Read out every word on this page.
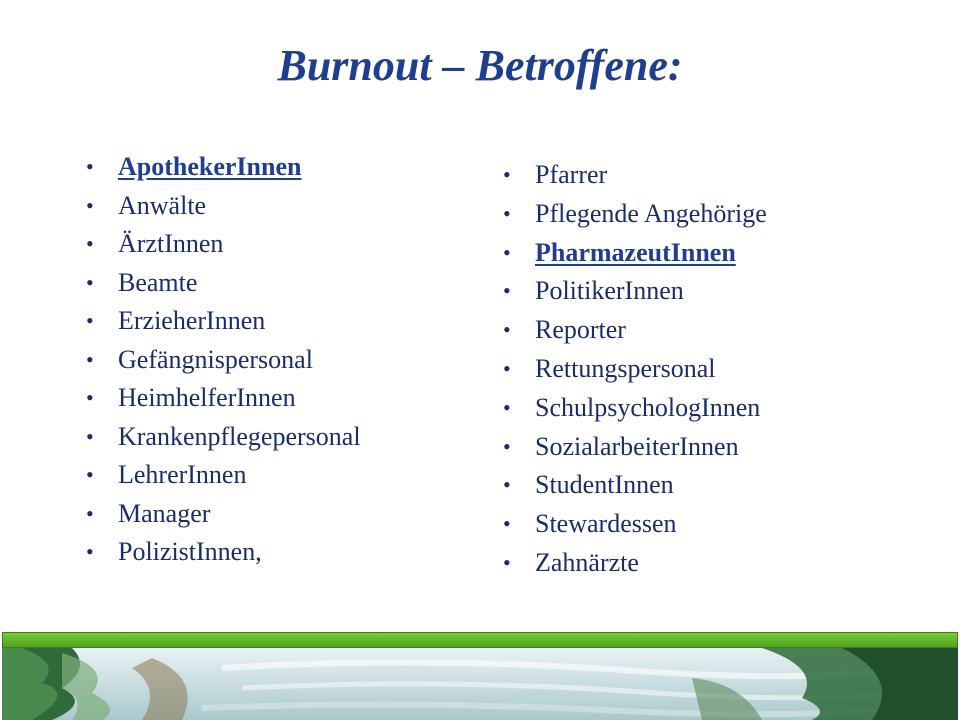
Burnout – Betroffene:
• ApothekerInnen
• Anwälte
• ÄrztInnen
• Beamte
• ErzieherInnen
• Gefängnispersonal
• HeimhelferInnen
• Krankenpflegepersonal
• LehrerInnen
• Manager
• PolizistInnen,
• Pfarrer
• Pflegende Angehörige
• PharmazeutInnen
• PolitikerInnen
• Reporter
• Rettungspersonal
• SchulpsychologInnen
• SozialarbeiterInnen
• StudentInnen
• Stewardessen
• Zahnärzte
